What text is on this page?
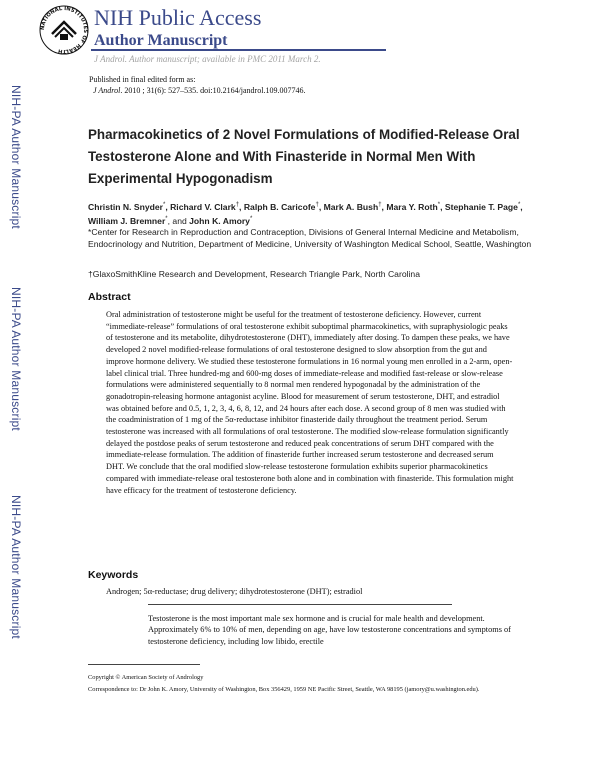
NATIONAL INSTITUTES OF HEALTH
NIH Public Access
Author Manuscript
J Androl. Author manuscript; available in PMC 2011 March 2.
Published in final edited form as:
J Androl. 2010 ; 31(6): 527–535. doi:10.2164/jandrol.109.007746.
NIH-PA Author Manuscript
NIH-PA Author Manuscript
NIH-PA Author Manuscript
Pharmacokinetics of 2 Novel Formulations of Modified-Release Oral Testosterone Alone and With Finasteride in Normal Men With Experimental Hypogonadism
Christin N. Snyder*, Richard V. Clark†, Ralph B. Caricofe†, Mark A. Bush†, Mara Y. Roth*, Stephanie T. Page*, William J. Bremner*, and John K. Amory*
*Center for Research in Reproduction and Contraception, Divisions of General Internal Medicine and Metabolism, Endocrinology and Nutrition, Department of Medicine, University of Washington Medical School, Seattle, Washington
†GlaxoSmithKline Research and Development, Research Triangle Park, North Carolina
Abstract
Oral administration of testosterone might be useful for the treatment of testosterone deficiency. However, current “immediate-release” formulations of oral testosterone exhibit suboptimal pharmacokinetics, with supraphysiologic peaks of testosterone and its metabolite, dihydrotestosterone (DHT), immediately after dosing. To dampen these peaks, we have developed 2 novel modified-release formulations of oral testosterone designed to slow absorption from the gut and improve hormone delivery. We studied these testosterone formulations in 16 normal young men enrolled in a 2-arm, open-label clinical trial. Three hundred-mg and 600-mg doses of immediate-release and modified fast-release or slow-release formulations were administered sequentially to 8 normal men rendered hypogonadal by the administration of the gonadotropin-releasing hormone antagonist acyline. Blood for measurement of serum testosterone, DHT, and estradiol was obtained before and 0.5, 1, 2, 3, 4, 6, 8, 12, and 24 hours after each dose. A second group of 8 men was studied with the coadministration of 1 mg of the 5α-reductase inhibitor finasteride daily throughout the treatment period. Serum testosterone was increased with all formulations of oral testosterone. The modified slow-release formulation significantly delayed the postdose peaks of serum testosterone and reduced peak concentrations of serum DHT compared with the immediate-release formulation. The addition of finasteride further increased serum testosterone and decreased serum DHT. We conclude that the oral modified slow-release testosterone formulation exhibits superior pharmacokinetics compared with immediate-release oral testosterone both alone and in combination with finasteride. This formulation might have efficacy for the treatment of testosterone deficiency.
Keywords
Androgen; 5α-reductase; drug delivery; dihydrotestosterone (DHT); estradiol
Testosterone is the most important male sex hormone and is crucial for male health and development. Approximately 6% to 10% of men, depending on age, have low testosterone concentrations and symptoms of testosterone deficiency, including low libido, erectile
Copyright © American Society of Andrology
Correspondence to: Dr John K. Amory, University of Washington, Box 356429, 1959 NE Pacific Street, Seattle, WA 98195 (jamory@u.washington.edu).
